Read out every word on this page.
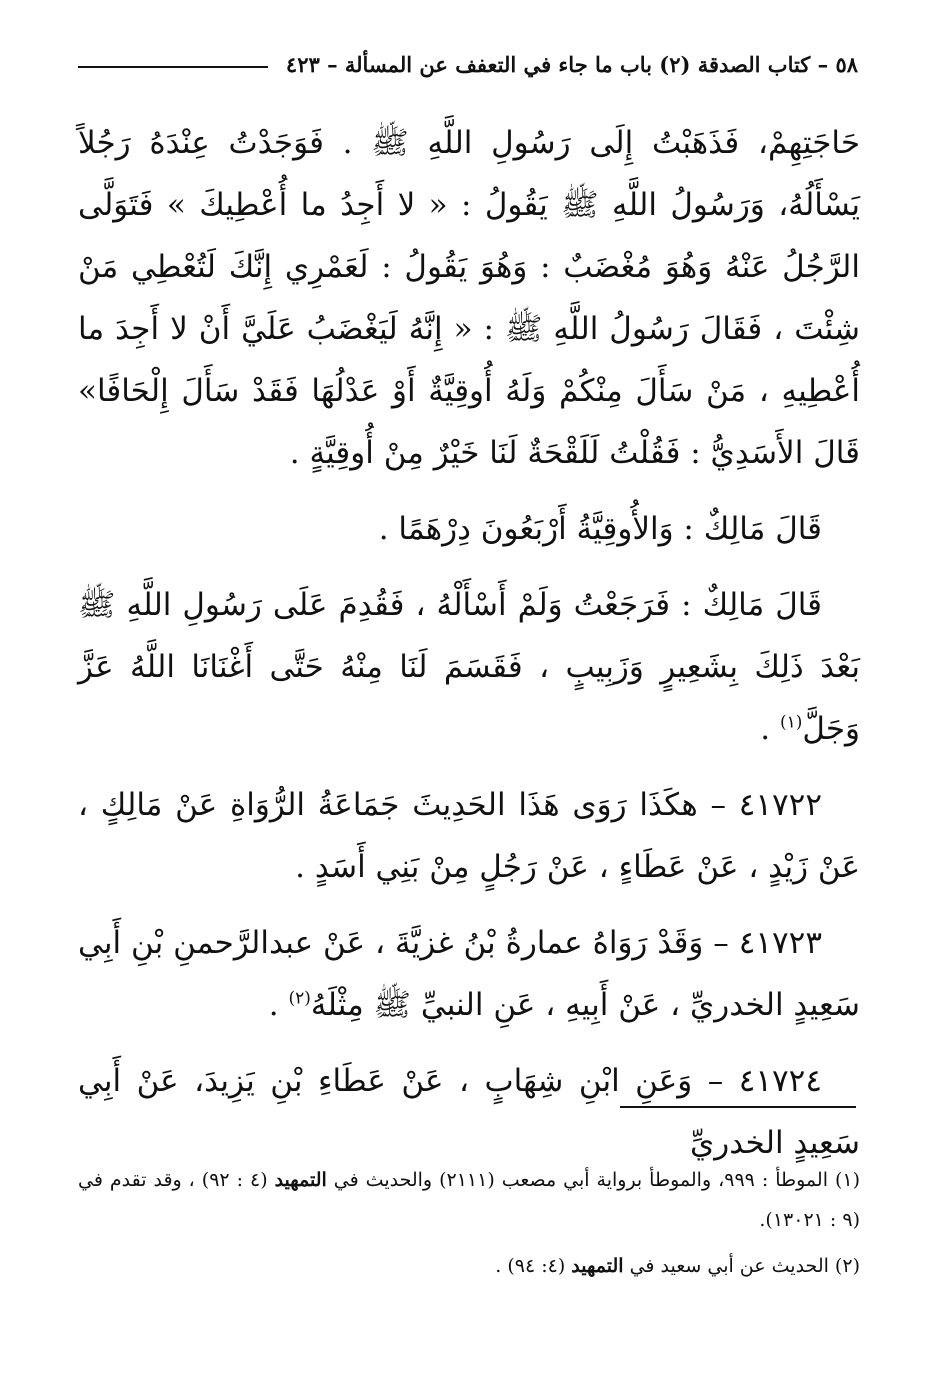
٥٨ – كتاب الصدقة (٢) باب ما جاء في التعفف عن المسألة – ٤٢٣

حَاجَتِهِمْ، فَذَهَبْتُ إِلَى رَسُولِ اللَّهِ ﷺ . فَوَجَدْتُ عِنْدَهُ رَجُلاً يَسْأَلُهُ، وَرَسُولُ اللَّهِ ﷺ يَقُولُ : « لا أَجِدُ ما أُعْطِيكَ » فَتَوَلَّى الرَّجُلُ عَنْهُ وَهُوَ مُغْضَبٌ : وَهُوَ يَقُولُ : لَعَمْرِي إِنَّكَ لَتُعْطِي مَنْ شِئْتَ ، فَقَالَ رَسُولُ اللَّهِ ﷺ : « إِنَّهُ لَيَغْضَبُ عَلَيَّ أَنْ لا أَجِدَ ما أُعْطِيهِ ، مَنْ سَأَلَ مِنْكُمْ وَلَهُ أُوقِيَّةٌ أَوْ عَدْلُهَا فَقَدْ سَأَلَ إِلْحَافًا» قَالَ الأَسَدِيُّ : فَقُلْتُ لَلَقْحَةٌ لَنَا خَيْرٌ مِنْ أُوقِيَّةٍ .

قَالَ مَالِكٌ : وَالأُوقِيَّةُ أَرْبَعُونَ دِرْهَمًا .

قَالَ مَالِكٌ : فَرَجَعْتُ وَلَمْ أَسْأَلْهُ ، فَقُدِمَ عَلَى رَسُولِ اللَّهِ ﷺ بَعْدَ ذَلِكَ بِشَعِيرٍ وَزَبِيبٍ ، فَقَسَمَ لَنَا مِنْهُ حَتَّى أَغْنَانَا اللَّهُ عَزَّ وَجَلَّ$^{(١)}$ .

٤١٧٢٢ – هكَذَا رَوَى هَذَا الحَدِيثَ جَمَاعَةُ الرُّوَاةِ عَنْ مَالِكٍ ، عَنْ زَيْدٍ ، عَنْ عَطَاءٍ ، عَنْ رَجُلٍ مِنْ بَنِي أَسَدٍ .

٤١٧٢٣ – وَقَدْ رَوَاهُ عمارةُ بْنُ غزيَّةَ ، عَنْ عبدالرَّحمنِ بْنِ أَبِي سَعِيدٍ الخدريِّ ، عَنْ أَبِيهِ ، عَنِ النبيِّ ﷺ مِثْلَهُ$^{(٢)}$ .

٤١٧٢٤ – وَعَنِ ابْنِ شِهَابٍ ، عَنْ عَطَاءِ بْنِ يَزِيدَ، عَنْ أَبِي سَعِيدٍ الخدريِّ

(١) الموطأ : ٩٩٩، والموطأ برواية أبي مصعب (٢١١١) والحديث في التمهيد (٤ : ٩٢) ، وقد تقدم في (٩ : ١٣٠٢١).

(٢) الحديث عن أبي سعيد في التمهيد (٤: ٩٤) .
